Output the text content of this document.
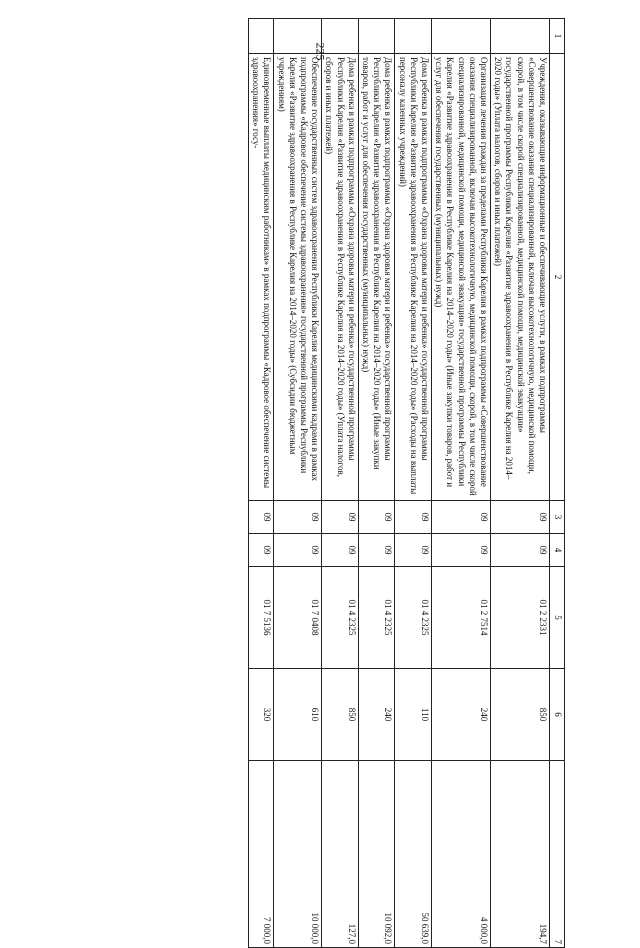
225
1	2	3	4	5	6	7
	Учреждения, оказывающие информационные и обеспечивающие услуги, в рамках подпрограммы «Совершенствование оказания специализированной, включая высокотехнологичную, медицинской помощи, скорой, в том числе скорой специализированной, медицинской помощи, медицинской эвакуации» государственной программы Республики Карелия «Развитие здравоохранения в Республике Карелия на 2014–2020 годы» (Уплата налогов, сборов и иных платежей)	09	09	01 2 2331	850	194,7
	Организация лечения граждан за пределами Республики Карелия в рамках подпрограммы «Совершенствование оказания специализированной, включая высокотехнологичную, медицинской помощи, скорой, в том числе скорой специализированной, медицинской помощи, медицинской эвакуации» государственной программы Республики Карелия «Развитие здравоохранения в Республике Карелия на 2014–2020 годы» (Иные закупки товаров, работ и услуг для обеспечения государственных (муниципальных) нужд)	09	09	01 2 7514	240	4 000,0
	Дома ребенка в рамках подпрограммы «Охрана здоровья матери и ребенка» государственной программы Республики Карелия «Развитие здравоохранения в Республике Карелия на 2014–2020 годы» (Расходы на выплаты персоналу казенных учреждений)	09	09	01 4 2325	110	50 639,0
	Дома ребенка в рамках подпрограммы «Охрана здоровья матери и ребенка» государственной программы Республики Карелия «Развитие здравоохранения в Республике Карелия на 2014–2020 годы» (Иные закупки товаров, работ и услуг для обеспечения государственных (муниципальных) нужд)	09	09	01 4 2325	240	10 092,0
	Дома ребенка в рамках подпрограммы «Охрана здоровья матери и ребенка» государственной программы Республики Карелия «Развитие здравоохранения в Республике Карелия на 2014–2020 годы» (Уплата налогов, сборов и иных платежей)	09	09	01 4 2325	850	127,0
	Обеспечение государственных систем здравоохранения Республики Карелия медицинскими кадрами в рамках подпрограммы «Кадровое обеспечение системы здравоохранения» государственной программы Республики Карелия «Развитие здравоохранения в Республике Карелия на 2014–2020 годы» (Субсидии бюджетным учреждениям)	09	09	01 7 0408	610	10 000,0
	Единовременные выплаты медицинским работникам» в рамках подпрограммы «Кадровое обеспечение системы здравоохранения» госу-	09	09	01 7 5136	320	7 000,0
